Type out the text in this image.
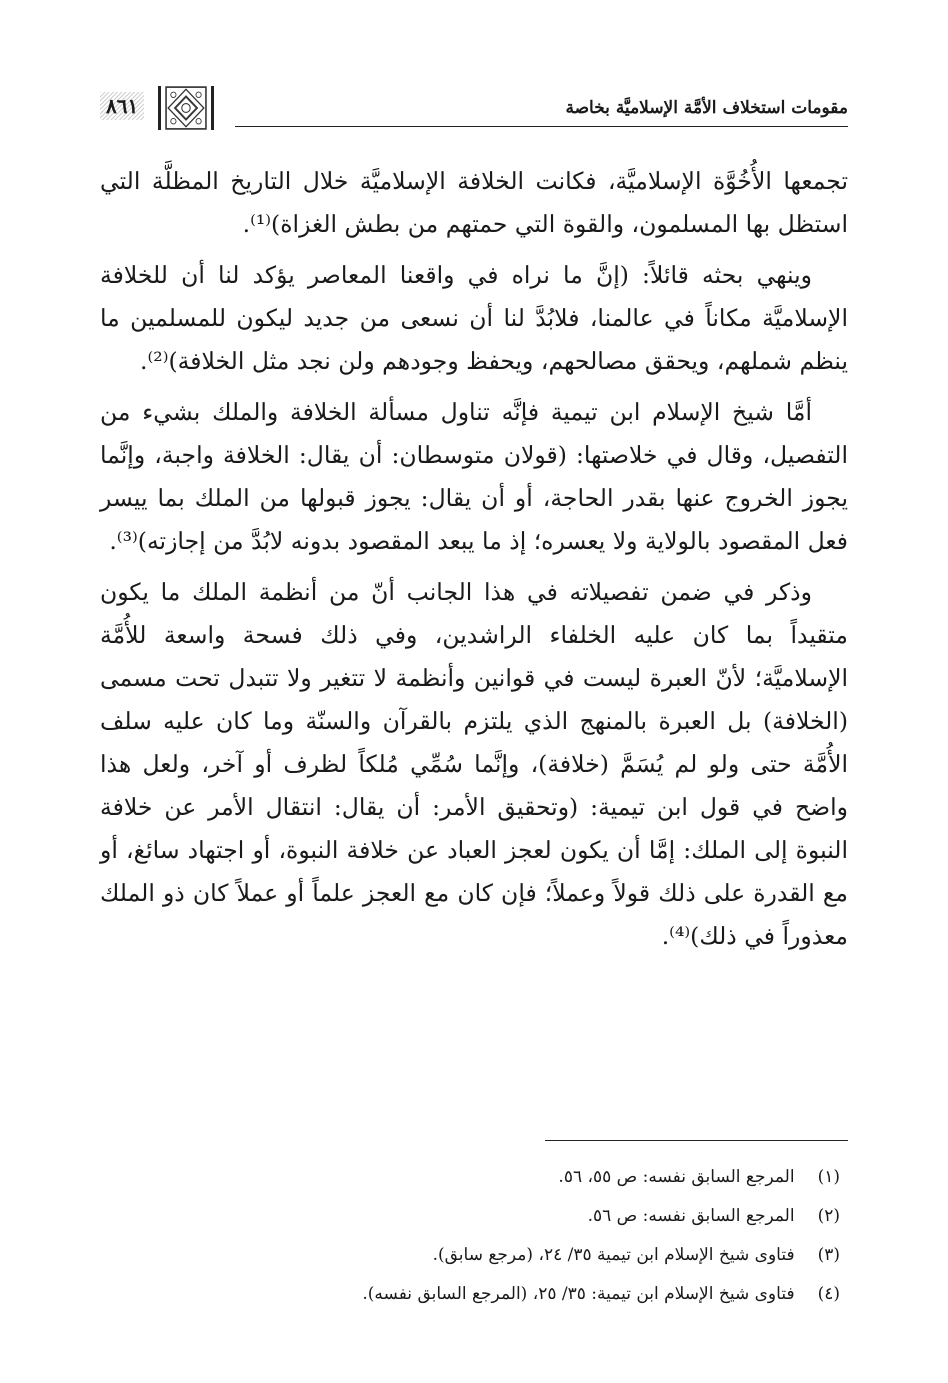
مقومات استخلاف الأمَّة الإسلاميَّة بخاصة
٨٦١

تجمعها الأُخُوَّة الإسلاميَّة، فكانت الخلافة الإسلاميَّة خلال التاريخ المظلَّة التي استظل بها المسلمون، والقوة التي حمتهم من بطش الغزاة)⁽¹⁾.

وينهي بحثه قائلاً: (إنَّ ما نراه في واقعنا المعاصر يؤكد لنا أن للخلافة الإسلاميَّة مكاناً في عالمنا، فلابُدَّ لنا أن نسعى من جديد ليكون للمسلمين ما ينظم شملهم، ويحقق مصالحهم، ويحفظ وجودهم ولن نجد مثل الخلافة)⁽²⁾.

أمَّا شيخ الإسلام ابن تيمية فإنَّه تناول مسألة الخلافة والملك بشيء من التفصيل، وقال في خلاصتها: (قولان متوسطان: أن يقال: الخلافة واجبة، وإنَّما يجوز الخروج عنها بقدر الحاجة، أو أن يقال: يجوز قبولها من الملك بما ييسر فعل المقصود بالولاية ولا يعسره؛ إذ ما يبعد المقصود بدونه لابُدَّ من إجازته)⁽³⁾.

وذكر في ضمن تفصيلاته في هذا الجانب أنّ من أنظمة الملك ما يكون متقيداً بما كان عليه الخلفاء الراشدين، وفي ذلك فسحة واسعة للأُمَّة الإسلاميَّة؛ لأنّ العبرة ليست في قوانين وأنظمة لا تتغير ولا تتبدل تحت مسمى (الخلافة) بل العبرة بالمنهج الذي يلتزم بالقرآن والسنّة وما كان عليه سلف الأُمَّة حتى ولو لم يُسَمَّ (خلافة)، وإنَّما سُمِّي مُلكاً لظرف أو آخر، ولعل هذا واضح في قول ابن تيمية: (وتحقيق الأمر: أن يقال: انتقال الأمر عن خلافة النبوة إلى الملك: إمَّا أن يكون لعجز العباد عن خلافة النبوة، أو اجتهاد سائغ، أو مع القدرة على ذلك قولاً وعملاً؛ فإن كان مع العجز علماً أو عملاً كان ذو الملك معذوراً في ذلك)⁽⁴⁾.

(١) المرجع السابق نفسه: ص ٥٥، ٥٦.
(٢) المرجع السابق نفسه: ص ٥٦.
(٣) فتاوى شيخ الإسلام ابن تيمية ٣٥/ ٢٤، (مرجع سابق).
(٤) فتاوى شيخ الإسلام ابن تيمية: ٣٥/ ٢٥، (المرجع السابق نفسه).
